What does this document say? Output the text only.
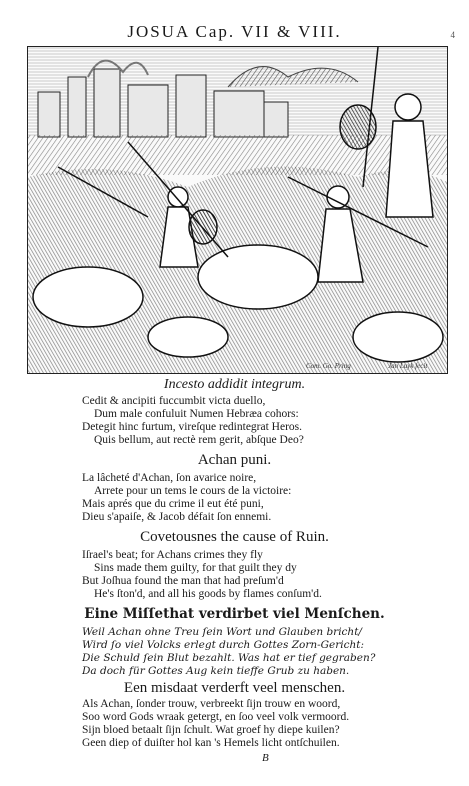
JOSUA Cap. VII & VIII.	4
Com. Go. Pring	Jan Luyk fecit
Incesto addidit integrum.
Cedit & ancipiti fuccumbit victa duello,
Dum male confuluit Numen Hebræa cohors:
Detegit hinc furtum, vireſque redintegrat Heros.
Quis bellum, aut rectè rem gerit, abſque Deo?
Achan puni.
La lâcheté d'Achan, ſon avarice noire,
Arrete pour un tems le cours de la victoire:
Mais aprés que du crime il eut été puni,
Dieu s'apaiſe, & Jacob défait ſon ennemi.
Covetousnes the cause of Ruin.
Iſrael's beat; for Achans crimes they fly
Sins made them guilty, for that guilt they dy
But Joſhua found the man that had preſum'd
He's ſton'd, and all his goods by flames conſum'd.
Eine Miſſethat verdirbet viel Menſchen.
Weil Achan ohne Treu ſein Wort und Glauben bricht/
Wird ſo viel Volcks erlegt durch Gottes Zorn-Gericht:
Die Schuld ſein Blut bezahlt. Was hat er tief gegraben?
Da doch für Gottes Aug kein tieffe Grub zu haben.
Een misdaat verderft veel menschen.
Als Achan, ſonder trouw, verbreekt ſijn trouw en woord,
Soo word Gods wraak getergt, en ſoo veel volk vermoord.
Sijn bloed betaalt ſijn ſchult. Wat groef hy diepe kuilen?
Geen diep of duiſter hol kan 's Hemels licht ontſchuilen.
B
